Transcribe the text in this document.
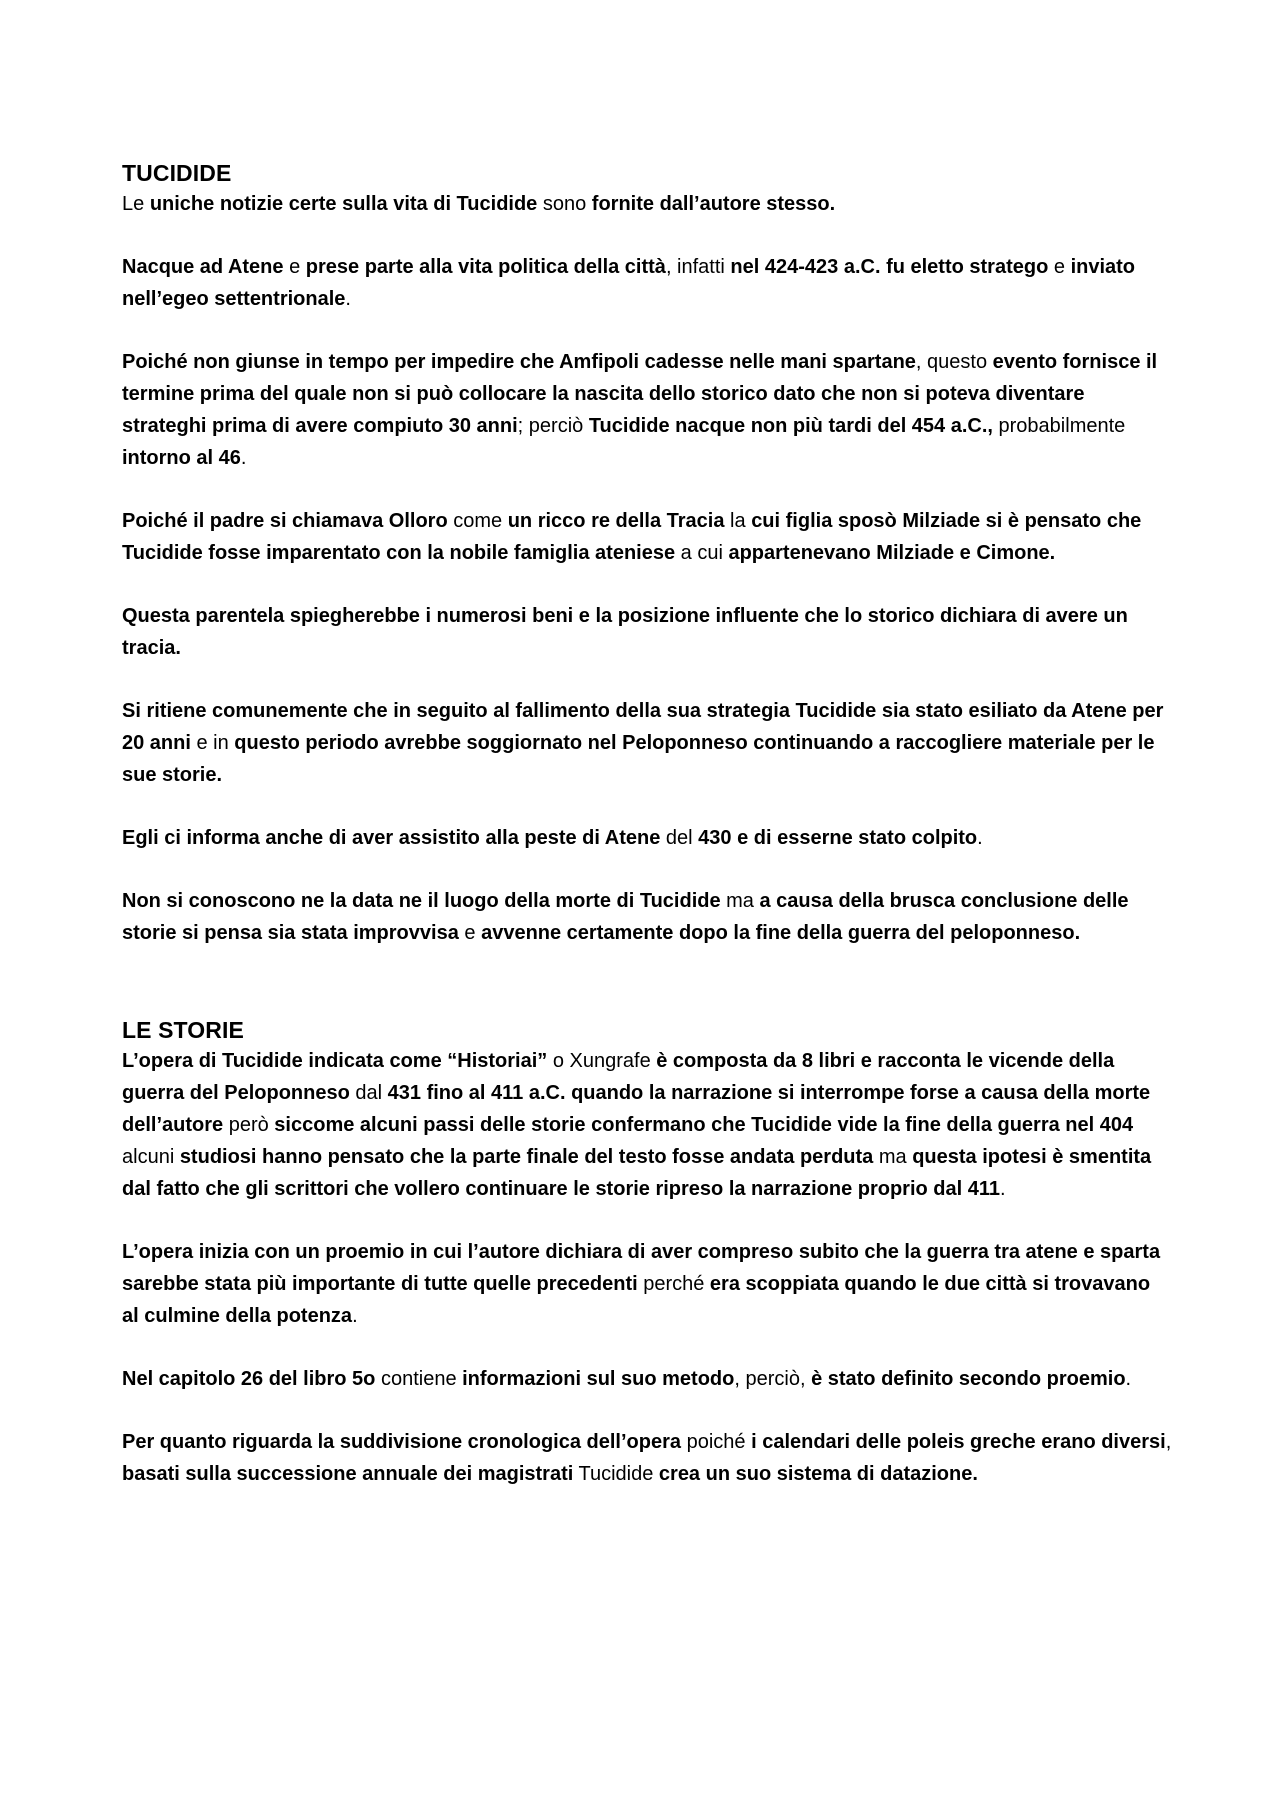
TUCIDIDE

Le uniche notizie certe sulla vita di Tucidide sono fornite dall’autore stesso.

Nacque ad Atene e prese parte alla vita politica della città, infatti nel 424-423 a.C. fu eletto stratego e inviato nell’egeo settentrionale.

Poiché non giunse in tempo per impedire che Amfipoli cadesse nelle mani spartane, questo evento fornisce il termine prima del quale non si può collocare la nascita dello storico dato che non si poteva diventare strateghi prima di avere compiuto 30 anni; perciò Tucidide nacque non più tardi del 454 a.C., probabilmente intorno al 46.

Poiché il padre si chiamava Olloro come un ricco re della Tracia la cui figlia sposò Milziade si è pensato che Tucidide fosse imparentato con la nobile famiglia ateniese a cui appartenevano Milziade e Cimone.

Questa parentela spiegherebbe i numerosi beni e la posizione influente che lo storico dichiara di avere un tracia.

Si ritiene comunemente che in seguito al fallimento della sua strategia Tucidide sia stato esiliato da Atene per 20 anni e in questo periodo avrebbe soggiornato nel Peloponneso continuando a raccogliere materiale per le sue storie.

Egli ci informa anche di aver assistito alla peste di Atene del 430 e di esserne stato colpito.

Non si conoscono ne la data ne il luogo della morte di Tucidide ma a causa della brusca conclusione delle storie si pensa sia stata improvvisa e avvenne certamente dopo la fine della guerra del peloponneso.

LE STORIE

L’opera di Tucidide indicata come “Historiai” o Xungrafe è composta da 8 libri e racconta le vicende della guerra del Peloponneso dal 431 fino al 411 a.C. quando la narrazione si interrompe forse a causa della morte dell’autore però siccome alcuni passi delle storie confermano che Tucidide vide la fine della guerra nel 404 alcuni studiosi hanno pensato che la parte finale del testo fosse andata perduta ma questa ipotesi è smentita dal fatto che gli scrittori che vollero continuare le storie ripreso la narrazione proprio dal 411.

L’opera inizia con un proemio in cui l’autore dichiara di aver compreso subito che la guerra tra atene e sparta sarebbe stata più importante di tutte quelle precedenti perché era scoppiata quando le due città si trovavano al culmine della potenza.

Nel capitolo 26 del libro 5o contiene informazioni sul suo metodo, perciò, è stato definito secondo proemio.

Per quanto riguarda la suddivisione cronologica dell’opera poiché i calendari delle poleis greche erano diversi, basati sulla successione annuale dei magistrati Tucidide crea un suo sistema di datazione.
